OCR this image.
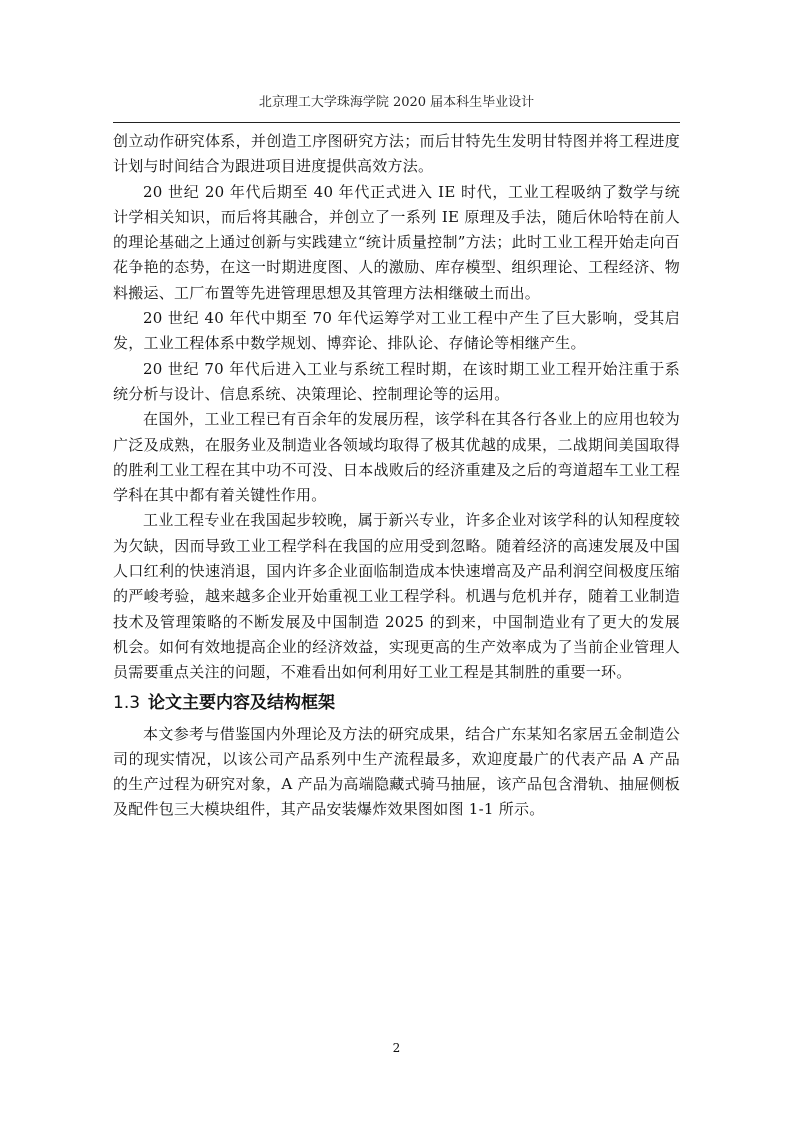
北京理工大学珠海学院 2020 届本科生毕业设计

创立动作研究体系，并创造工序图研究方法；而后甘特先生发明甘特图并将工程进度计划与时间结合为跟进项目进度提供高效方法。

20 世纪 20 年代后期至 40 年代正式进入 IE 时代，工业工程吸纳了数学与统计学相关知识，而后将其融合，并创立了一系列 IE 原理及手法，随后休哈特在前人的理论基础之上通过创新与实践建立“统计质量控制”方法；此时工业工程开始走向百花争艳的态势，在这一时期进度图、人的激励、库存模型、组织理论、工程经济、物料搬运、工厂布置等先进管理思想及其管理方法相继破土而出。

20 世纪 40 年代中期至 70 年代运筹学对工业工程中产生了巨大影响，受其启发，工业工程体系中数学规划、博弈论、排队论、存储论等相继产生。

20 世纪 70 年代后进入工业与系统工程时期，在该时期工业工程开始注重于系统分析与设计、信息系统、决策理论、控制理论等的运用。

在国外，工业工程已有百余年的发展历程，该学科在其各行各业上的应用也较为广泛及成熟，在服务业及制造业各领域均取得了极其优越的成果，二战期间美国取得的胜利工业工程在其中功不可没、日本战败后的经济重建及之后的弯道超车工业工程学科在其中都有着关键性作用。

工业工程专业在我国起步较晚，属于新兴专业，许多企业对该学科的认知程度较为欠缺，因而导致工业工程学科在我国的应用受到忽略。随着经济的高速发展及中国人口红利的快速消退，国内许多企业面临制造成本快速增高及产品利润空间极度压缩的严峻考验，越来越多企业开始重视工业工程学科。机遇与危机并存，随着工业制造技术及管理策略的不断发展及中国制造 2025 的到来，中国制造业有了更大的发展机会。如何有效地提高企业的经济效益，实现更高的生产效率成为了当前企业管理人员需要重点关注的问题，不难看出如何利用好工业工程是其制胜的重要一环。

1.3 论文主要内容及结构框架

本文参考与借鉴国内外理论及方法的研究成果，结合广东某知名家居五金制造公司的现实情况，以该公司产品系列中生产流程最多，欢迎度最广的代表产品 A 产品的生产过程为研究对象，A 产品为高端隐藏式骑马抽屉，该产品包含滑轨、抽屉侧板及配件包三大模块组件，其产品安装爆炸效果图如图 1-1 所示。

2
